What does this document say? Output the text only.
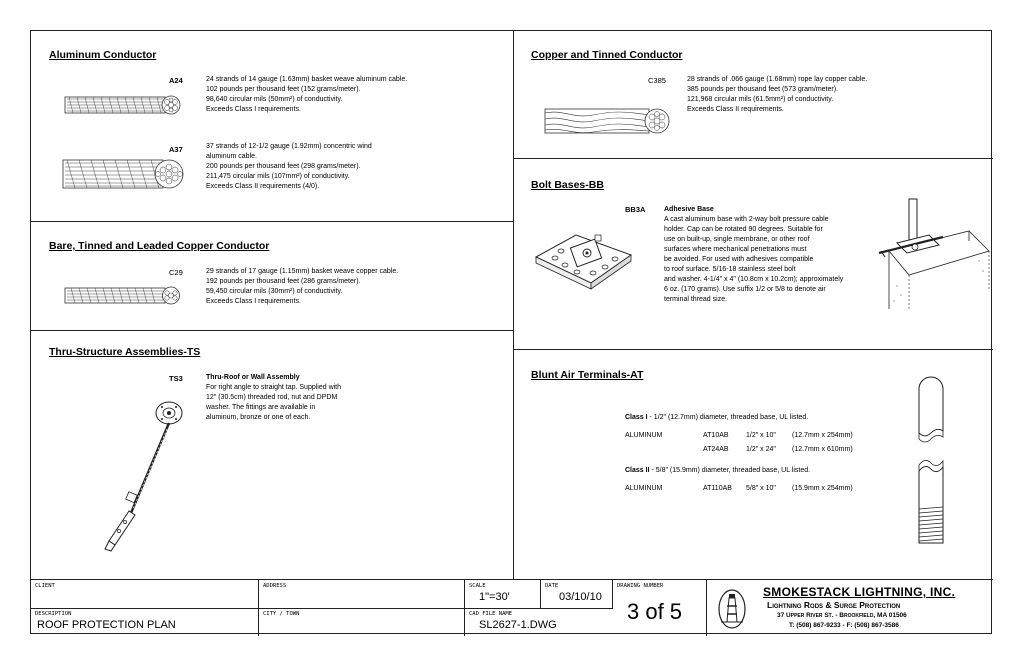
Aluminum Conductor
A24	24 strands of 14 gauge (1.63mm) basket weave aluminum cable.
102 pounds per thousand feet (152 grams/meter).
98,640 circular mils (50mm²) of conductivity.
Exceeds Class I requirements.
A37	37 strands of 12-1/2 gauge (1.92mm) concentric wind
aluminum cable.
200 pounds per thousand feet (298 grams/meter).
211,475 circular mils (107mm²) of conductivity.
Exceeds Class II requirements (4/0).
Bare, Tinned and Leaded Copper Conductor
C29	29 strands of 17 gauge (1.15mm) basket weave copper cable.
192 pounds per thousand feet (286 grams/meter).
59,450 circular mils (30mm²) of conductivity.
Exceeds Class I requirements.
Thru-Structure Assemblies-TS
TS3	Thru-Roof or Wall Assembly
For right angle to straight tap. Supplied with
12" (30.5cm) threaded rod, nut and DPDM
washer. The fittings are available in
aluminum, bronze or one of each.
Copper and Tinned Conductor
C385	28 strands of .066 gauge (1.68mm) rope lay copper cable.
385 pounds per thousand feet (573 gram/meter).
121,968 circular mils (61.5mm²) of conductivity.
Exceeds Class II requirements.
Bolt Bases-BB
BB3A	Adhesive Base
A cast aluminum base with 2-way bolt pressure cable
holder. Cap can be rotated 90 degrees. Suitable for
use on built-up, single membrane, or other roof
surfaces where mechanical penetrations must
be avoided. For used with adhesives compatible
to roof surface. 5/16-18 stainless steel bolt
and washer. 4-1/4" x 4" (10.8cm x 10.2cm); approximately
6 oz. (170 grams). Use suffix 1/2 or 5/8 to denote air
terminal thread size.
Blunt Air Terminals-AT
Class I - 1/2" (12.7mm) diameter, threaded base, UL listed.
ALUMINUM	AT10AB 1/2" x 10" (12.7mm x 254mm)
AT24AB 1/2" x 24" (12.7mm x 610mm)
Class II - 5/8" (15.9mm) diameter, threaded base, UL listed.
ALUMINUM	AT110AB 5/8" x 10" (15.9mm x 254mm)
CLIENT	ADDRESS	SCALE
1"=30'
DATE
03/10/10
DRAWING NUMBER
3 of 5
DESCRIPTION
ROOF PROTECTION PLAN
CITY / TOWN	CAD FILE NAME
SL2627-1.DWG
SMOKESTACK LIGHTNING, INC.
Lightning Rods & Surge Protection
37 Upper River St. - Brookfield, MA 01506
T: (508) 867-9233 - F: (508) 867-3586
